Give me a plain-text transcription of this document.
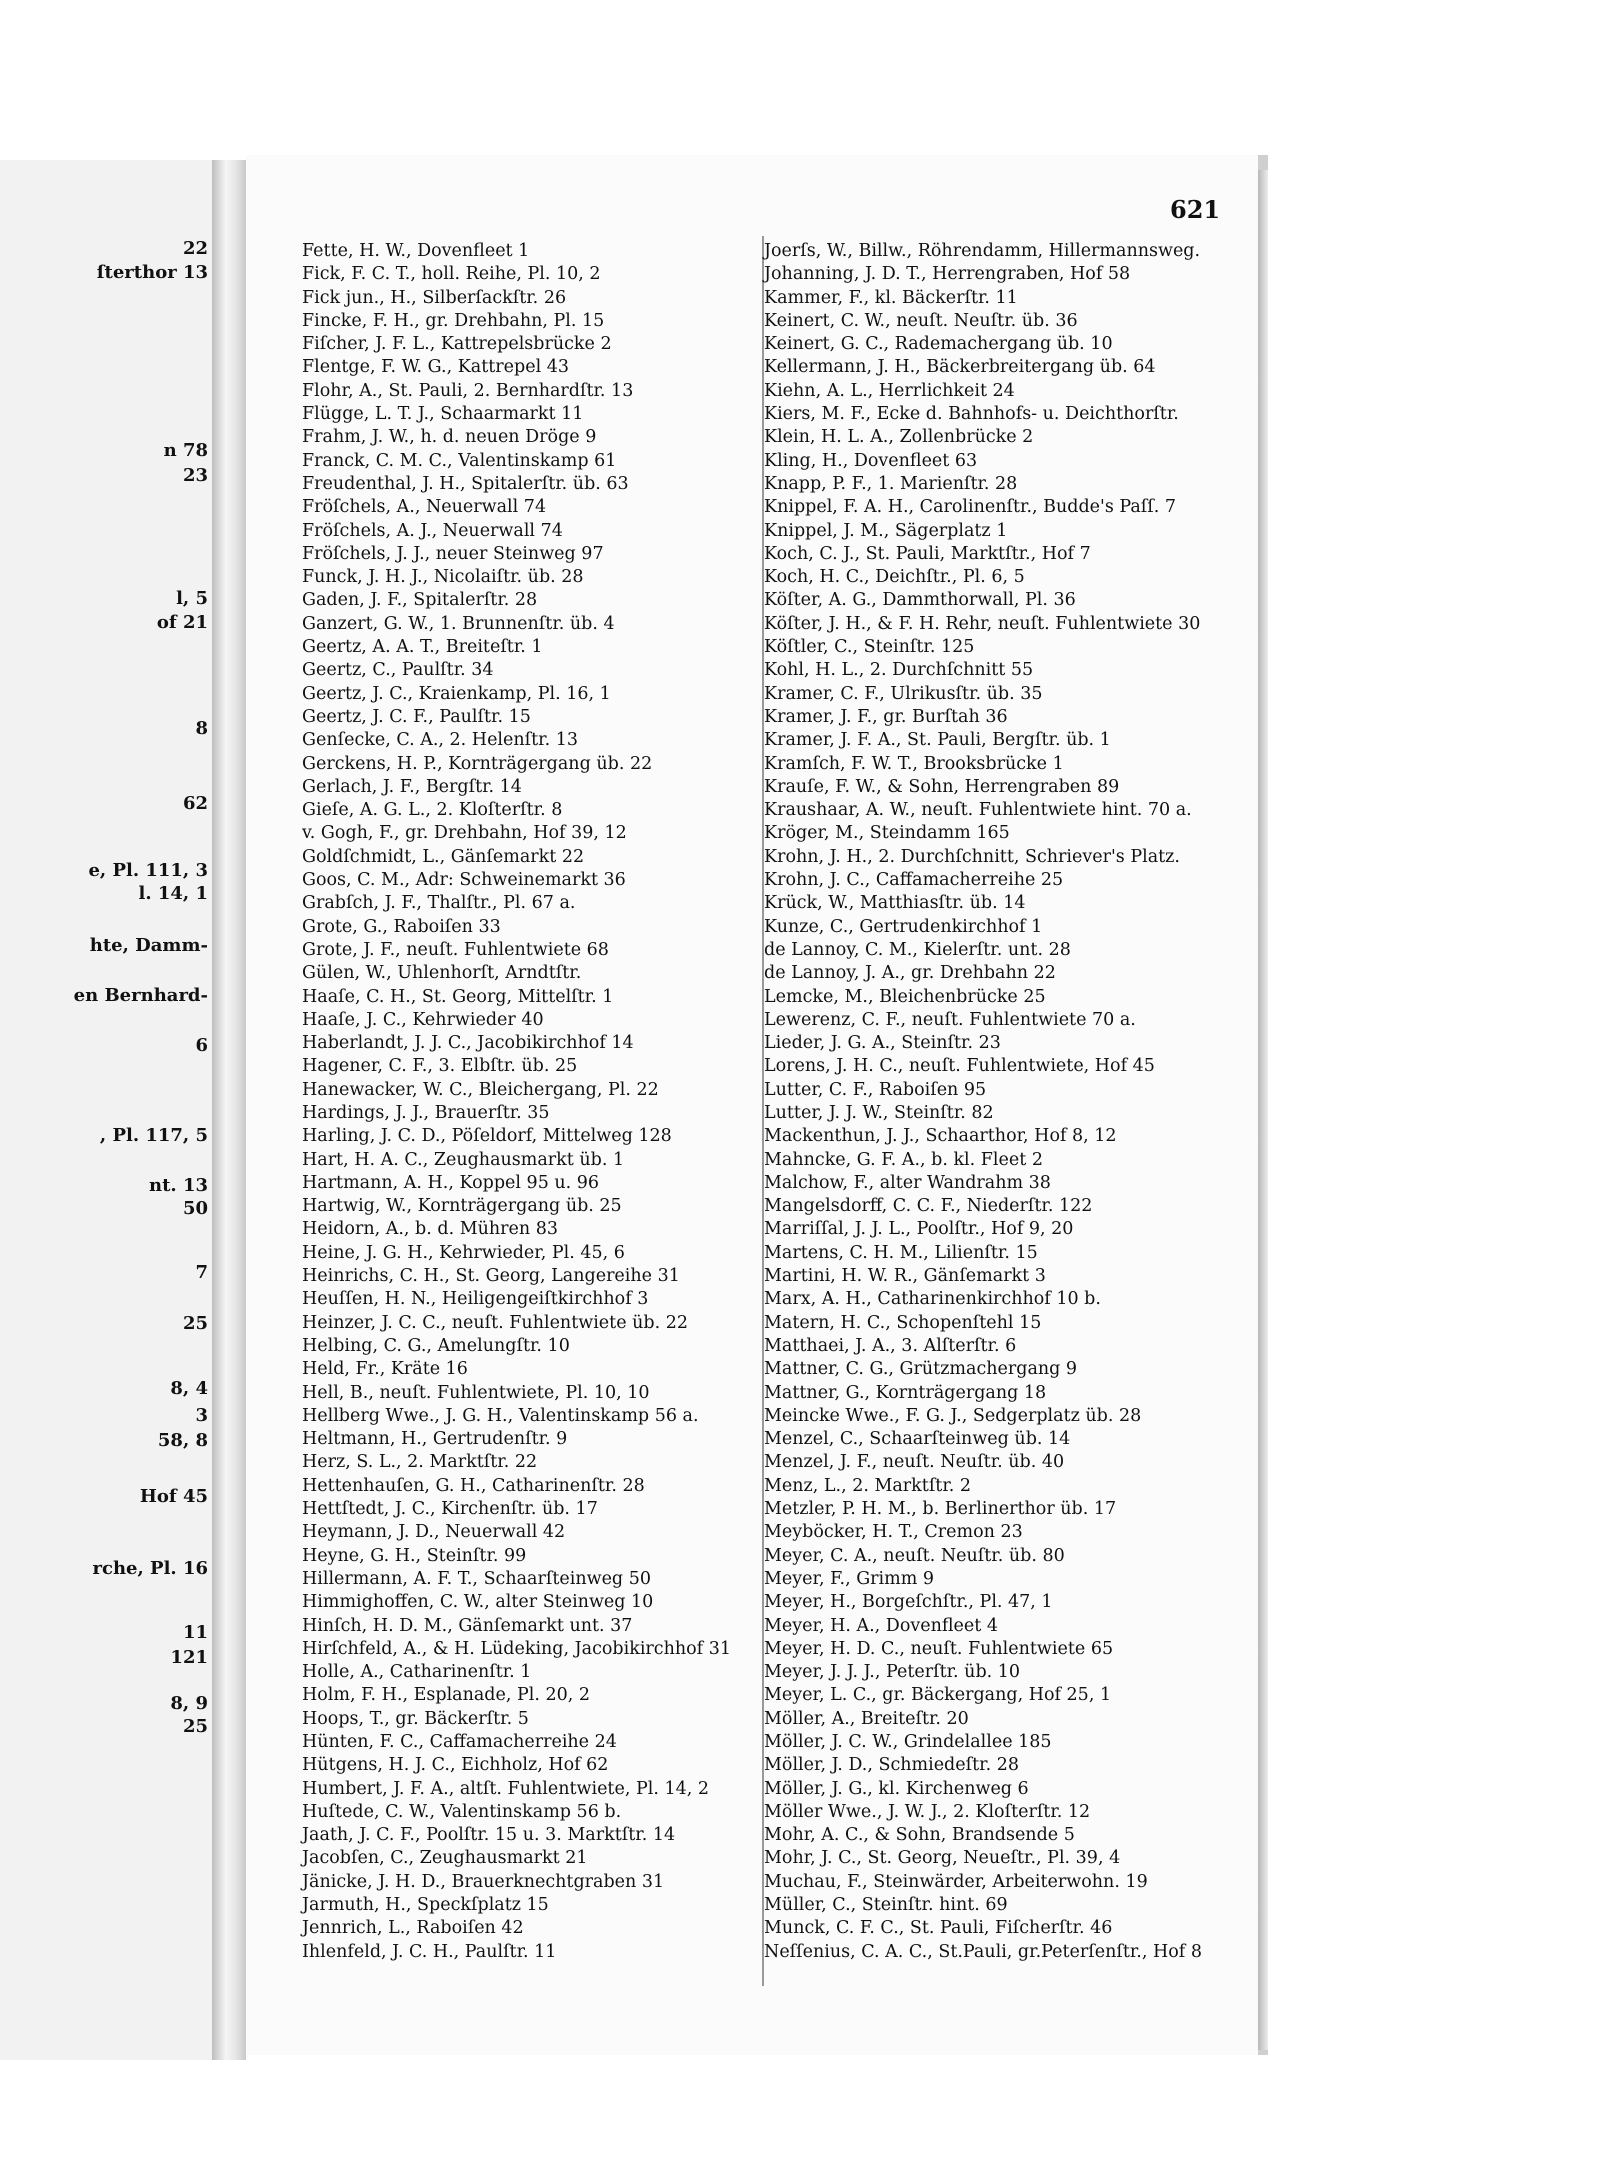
22
ſterthor 13
n 78
23
l, 5
of 21
8
62
e, Pl. 111, 3
l. 14, 1
hte, Damm-
en Bernhard-
6
, Pl. 117, 5
nt. 13
50
7
25
8, 4
3
58, 8
Hof 45
rche, Pl. 16
11
121
8, 9
25
621
Fette, H. W., Dovenfleet 1
Fick, F. C. T., holl. Reihe, Pl. 10, 2
Fick jun., H., Silberſackſtr. 26
Fincke, F. H., gr. Drehbahn, Pl. 15
Fiſcher, J. F. L., Kattrepelsbrücke 2
Flentge, F. W. G., Kattrepel 43
Flohr, A., St. Pauli, 2. Bernhardſtr. 13
Flügge, L. T. J., Schaarmarkt 11
Frahm, J. W., h. d. neuen Dröge 9
Franck, C. M. C., Valentinskamp 61
Freudenthal, J. H., Spitalerſtr. üb. 63
Fröſchels, A., Neuerwall 74
Fröſchels, A. J., Neuerwall 74
Fröſchels, J. J., neuer Steinweg 97
Funck, J. H. J., Nicolaiſtr. üb. 28
Gaden, J. F., Spitalerſtr. 28
Ganzert, G. W., 1. Brunnenſtr. üb. 4
Geertz, A. A. T., Breiteſtr. 1
Geertz, C., Paulſtr. 34
Geertz, J. C., Kraienkamp, Pl. 16, 1
Geertz, J. C. F., Paulſtr. 15
Genſecke, C. A., 2. Helenſtr. 13
Gerckens, H. P., Kornträgergang üb. 22
Gerlach, J. F., Bergſtr. 14
Gieſe, A. G. L., 2. Kloſterſtr. 8
v. Gogh, F., gr. Drehbahn, Hof 39, 12
Goldſchmidt, L., Gänſemarkt 22
Goos, C. M., Adr: Schweinemarkt 36
Grabſch, J. F., Thalſtr., Pl. 67 a.
Grote, G., Raboiſen 33
Grote, J. F., neuſt. Fuhlentwiete 68
Gülen, W., Uhlenhorſt, Arndtſtr.
Haaſe, C. H., St. Georg, Mittelſtr. 1
Haaſe, J. C., Kehrwieder 40
Haberlandt, J. J. C., Jacobikirchhof 14
Hagener, C. F., 3. Elbſtr. üb. 25
Hanewacker, W. C., Bleichergang, Pl. 22
Hardings, J. J., Brauerſtr. 35
Harling, J. C. D., Pöſeldorf, Mittelweg 128
Hart, H. A. C., Zeughausmarkt üb. 1
Hartmann, A. H., Koppel 95 u. 96
Hartwig, W., Kornträgergang üb. 25
Heidorn, A., b. d. Mühren 83
Heine, J. G. H., Kehrwieder, Pl. 45, 6
Heinrichs, C. H., St. Georg, Langereihe 31
Heuſſen, H. N., Heiligengeiſtkirchhof 3
Heinzer, J. C. C., neuſt. Fuhlentwiete üb. 22
Helbing, C. G., Amelungſtr. 10
Held, Fr., Kräte 16
Hell, B., neuſt. Fuhlentwiete, Pl. 10, 10
Hellberg Wwe., J. G. H., Valentinskamp 56 a.
Heltmann, H., Gertrudenſtr. 9
Herz, S. L., 2. Marktſtr. 22
Hettenhauſen, G. H., Catharinenſtr. 28
Hettſtedt, J. C., Kirchenſtr. üb. 17
Heymann, J. D., Neuerwall 42
Heyne, G. H., Steinſtr. 99
Hillermann, A. F. T., Schaarſteinweg 50
Himmighoffen, C. W., alter Steinweg 10
Hinſch, H. D. M., Gänſemarkt unt. 37
Hirſchfeld, A., & H. Lüdeking, Jacobikirchhof 31
Holle, A., Catharinenſtr. 1
Holm, F. H., Esplanade, Pl. 20, 2
Hoops, T., gr. Bäckerſtr. 5
Hünten, F. C., Caffamacherreihe 24
Hütgens, H. J. C., Eichholz, Hof 62
Humbert, J. F. A., altſt. Fuhlentwiete, Pl. 14, 2
Huſtede, C. W., Valentinskamp 56 b.
Jaath, J. C. F., Poolſtr. 15 u. 3. Marktſtr. 14
Jacobſen, C., Zeughausmarkt 21
Jänicke, J. H. D., Brauerknechtgraben 31
Jarmuth, H., Speckſplatz 15
Jennrich, L., Raboiſen 42
Ihlenfeld, J. C. H., Paulſtr. 11
Joerſs, W., Billw., Röhrendamm, Hillermannsweg.
Johanning, J. D. T., Herrengraben, Hof 58
Kammer, F., kl. Bäckerſtr. 11
Keinert, C. W., neuſt. Neuſtr. üb. 36
Keinert, G. C., Rademachergang üb. 10
Kellermann, J. H., Bäckerbreitergang üb. 64
Kiehn, A. L., Herrlichkeit 24
Kiers, M. F., Ecke d. Bahnhofs- u. Deichthorſtr.
Klein, H. L. A., Zollenbrücke 2
Kling, H., Dovenfleet 63
Knapp, P. F., 1. Marienſtr. 28
Knippel, F. A. H., Carolinenſtr., Budde's Paſſ. 7
Knippel, J. M., Sägerplatz 1
Koch, C. J., St. Pauli, Marktſtr., Hof 7
Koch, H. C., Deichſtr., Pl. 6, 5
Köſter, A. G., Dammthorwall, Pl. 36
Köſter, J. H., & F. H. Rehr, neuſt. Fuhlentwiete 30
Köſtler, C., Steinſtr. 125
Kohl, H. L., 2. Durchſchnitt 55
Kramer, C. F., Ulrikusſtr. üb. 35
Kramer, J. F., gr. Burſtah 36
Kramer, J. F. A., St. Pauli, Bergſtr. üb. 1
Kramſch, F. W. T., Brooksbrücke 1
Krauſe, F. W., & Sohn, Herrengraben 89
Kraushaar, A. W., neuſt. Fuhlentwiete hint. 70 a.
Kröger, M., Steindamm 165
Krohn, J. H., 2. Durchſchnitt, Schriever's Platz.
Krohn, J. C., Caffamacherreihe 25
Krück, W., Matthiasſtr. üb. 14
Kunze, C., Gertrudenkirchhof 1
de Lannoy, C. M., Kielerſtr. unt. 28
de Lannoy, J. A., gr. Drehbahn 22
Lemcke, M., Bleichenbrücke 25
Lewerenz, C. F., neuſt. Fuhlentwiete 70 a.
Lieder, J. G. A., Steinſtr. 23
Lorens, J. H. C., neuſt. Fuhlentwiete, Hof 45
Lutter, C. F., Raboiſen 95
Lutter, J. J. W., Steinſtr. 82
Mackenthun, J. J., Schaarthor, Hof 8, 12
Mahncke, G. F. A., b. kl. Fleet 2
Malchow, F., alter Wandrahm 38
Mangelsdorff, C. C. F., Niederſtr. 122
Marriſſal, J. J. L., Poolſtr., Hof 9, 20
Martens, C. H. M., Lilienſtr. 15
Martini, H. W. R., Gänſemarkt 3
Marx, A. H., Catharinenkirchhof 10 b.
Matern, H. C., Schopenſtehl 15
Matthaei, J. A., 3. Alſterſtr. 6
Mattner, C. G., Grützmachergang 9
Mattner, G., Kornträgergang 18
Meincke Wwe., F. G. J., Sedgerplatz üb. 28
Menzel, C., Schaarſteinweg üb. 14
Menzel, J. F., neuſt. Neuſtr. üb. 40
Menz, L., 2. Marktſtr. 2
Metzler, P. H. M., b. Berlinerthor üb. 17
Meyböcker, H. T., Cremon 23
Meyer, C. A., neuſt. Neuſtr. üb. 80
Meyer, F., Grimm 9
Meyer, H., Borgeſchſtr., Pl. 47, 1
Meyer, H. A., Dovenfleet 4
Meyer, H. D. C., neuſt. Fuhlentwiete 65
Meyer, J. J. J., Peterſtr. üb. 10
Meyer, L. C., gr. Bäckergang, Hof 25, 1
Möller, A., Breiteſtr. 20
Möller, J. C. W., Grindelallee 185
Möller, J. D., Schmiedeſtr. 28
Möller, J. G., kl. Kirchenweg 6
Möller Wwe., J. W. J., 2. Kloſterſtr. 12
Mohr, A. C., & Sohn, Brandsende 5
Mohr, J. C., St. Georg, Neueſtr., Pl. 39, 4
Muchau, F., Steinwärder, Arbeiterwohn. 19
Müller, C., Steinſtr. hint. 69
Munck, C. F. C., St. Pauli, Fiſcherſtr. 46
Neſſenius, C. A. C., St.Pauli, gr.Peterſenſtr., Hof 8
